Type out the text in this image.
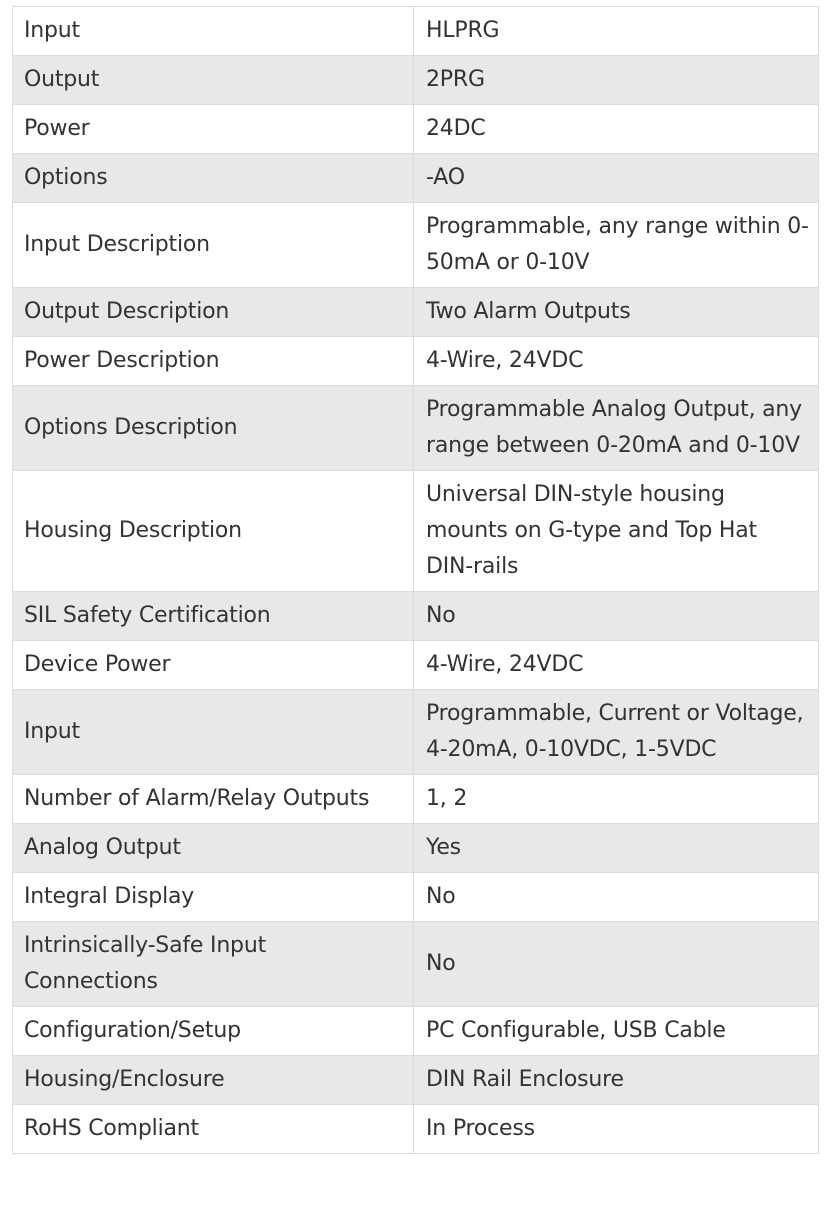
Input	HLPRG
Output	2PRG
Power	24DC
Options	-AO
Input Description	Programmable, any range within 0-50mA or 0-10V
Output Description	Two Alarm Outputs
Power Description	4-Wire, 24VDC
Options Description	Programmable Analog Output, any range between 0-20mA and 0-10V
Housing Description	Universal DIN-style housing mounts on G-type and Top Hat DIN-rails
SIL Safety Certification	No
Device Power	4-Wire, 24VDC
Input	Programmable, Current or Voltage, 4-20mA, 0-10VDC, 1-5VDC
Number of Alarm/Relay Outputs	1, 2
Analog Output	Yes
Integral Display	No
Intrinsically-Safe Input Connections	No
Configuration/Setup	PC Configurable, USB Cable
Housing/Enclosure	DIN Rail Enclosure
RoHS Compliant	In Process
